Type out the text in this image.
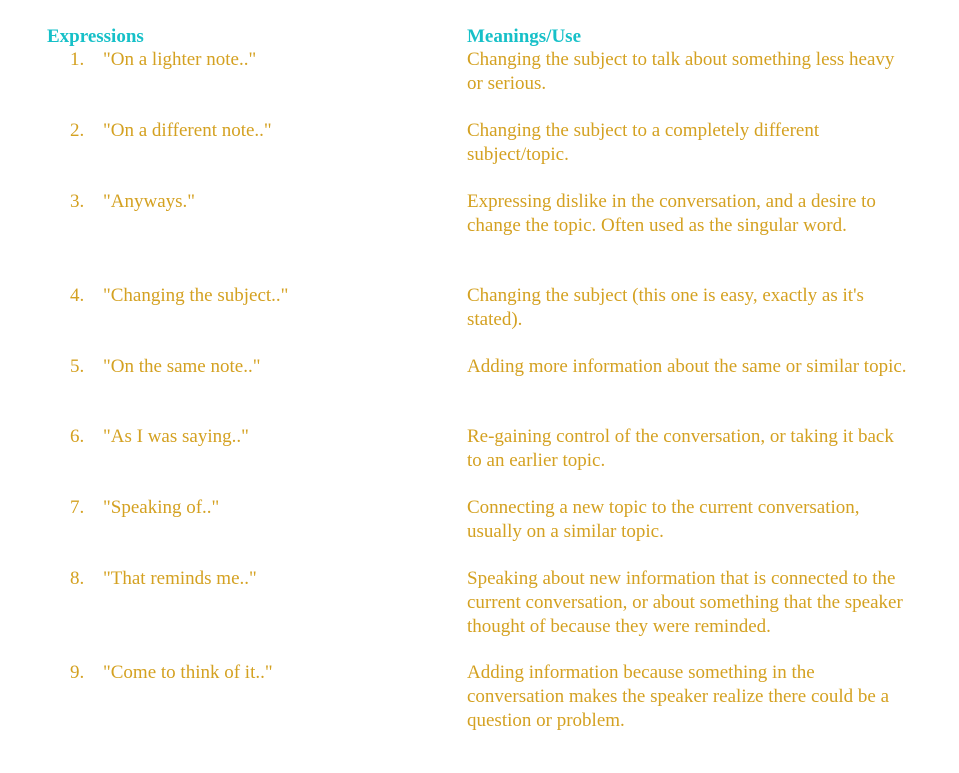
Expressions	Meanings/Use
1. "On a lighter note.."	Changing the subject to talk about something less heavy or serious.
2. "On a different note.."	Changing the subject to a completely different subject/topic.
3. "Anyways."	Expressing dislike in the conversation, and a desire to change the topic. Often used as the singular word.
4. "Changing the subject.."	Changing the subject (this one is easy, exactly as it's stated).
5. "On the same note.."	Adding more information about the same or similar topic.
6. "As I was saying.."	Re-gaining control of the conversation, or taking it back to an earlier topic.
7. "Speaking of.."	Connecting a new topic to the current conversation, usually on a similar topic.
8. "That reminds me.."	Speaking about new information that is connected to the current conversation, or about something that the speaker thought of because they were reminded.
9. "Come to think of it.."	Adding information because something in the conversation makes the speaker realize there could be a question or problem.
